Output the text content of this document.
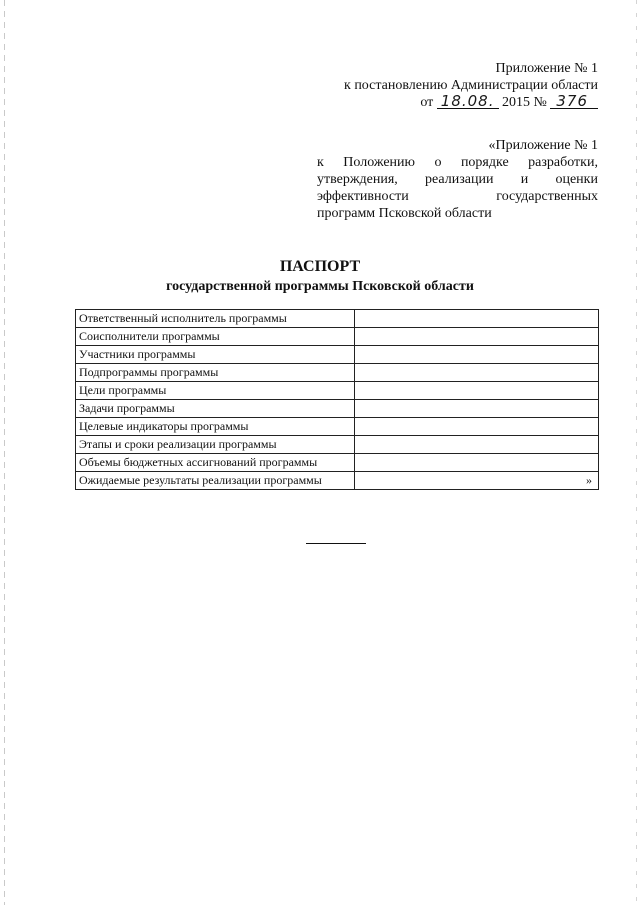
Приложение № 1
к постановлению Администрации области
от 18.08. 2015 № 376
«Приложение № 1
к Положению о порядке разработки,
утверждения, реализации и оценки
эффективности	государственных
программ Псковской области
ПАСПОРТ
государственной программы Псковской области
Ответственный исполнитель программы	
Соисполнители программы	
Участники программы	
Подпрограммы программы	
Цели программы	
Задачи программы	
Целевые индикаторы программы	
Этапы и сроки реализации программы	
Объемы бюджетных ассигнований программы	
Ожидаемые результаты реализации программы	»
